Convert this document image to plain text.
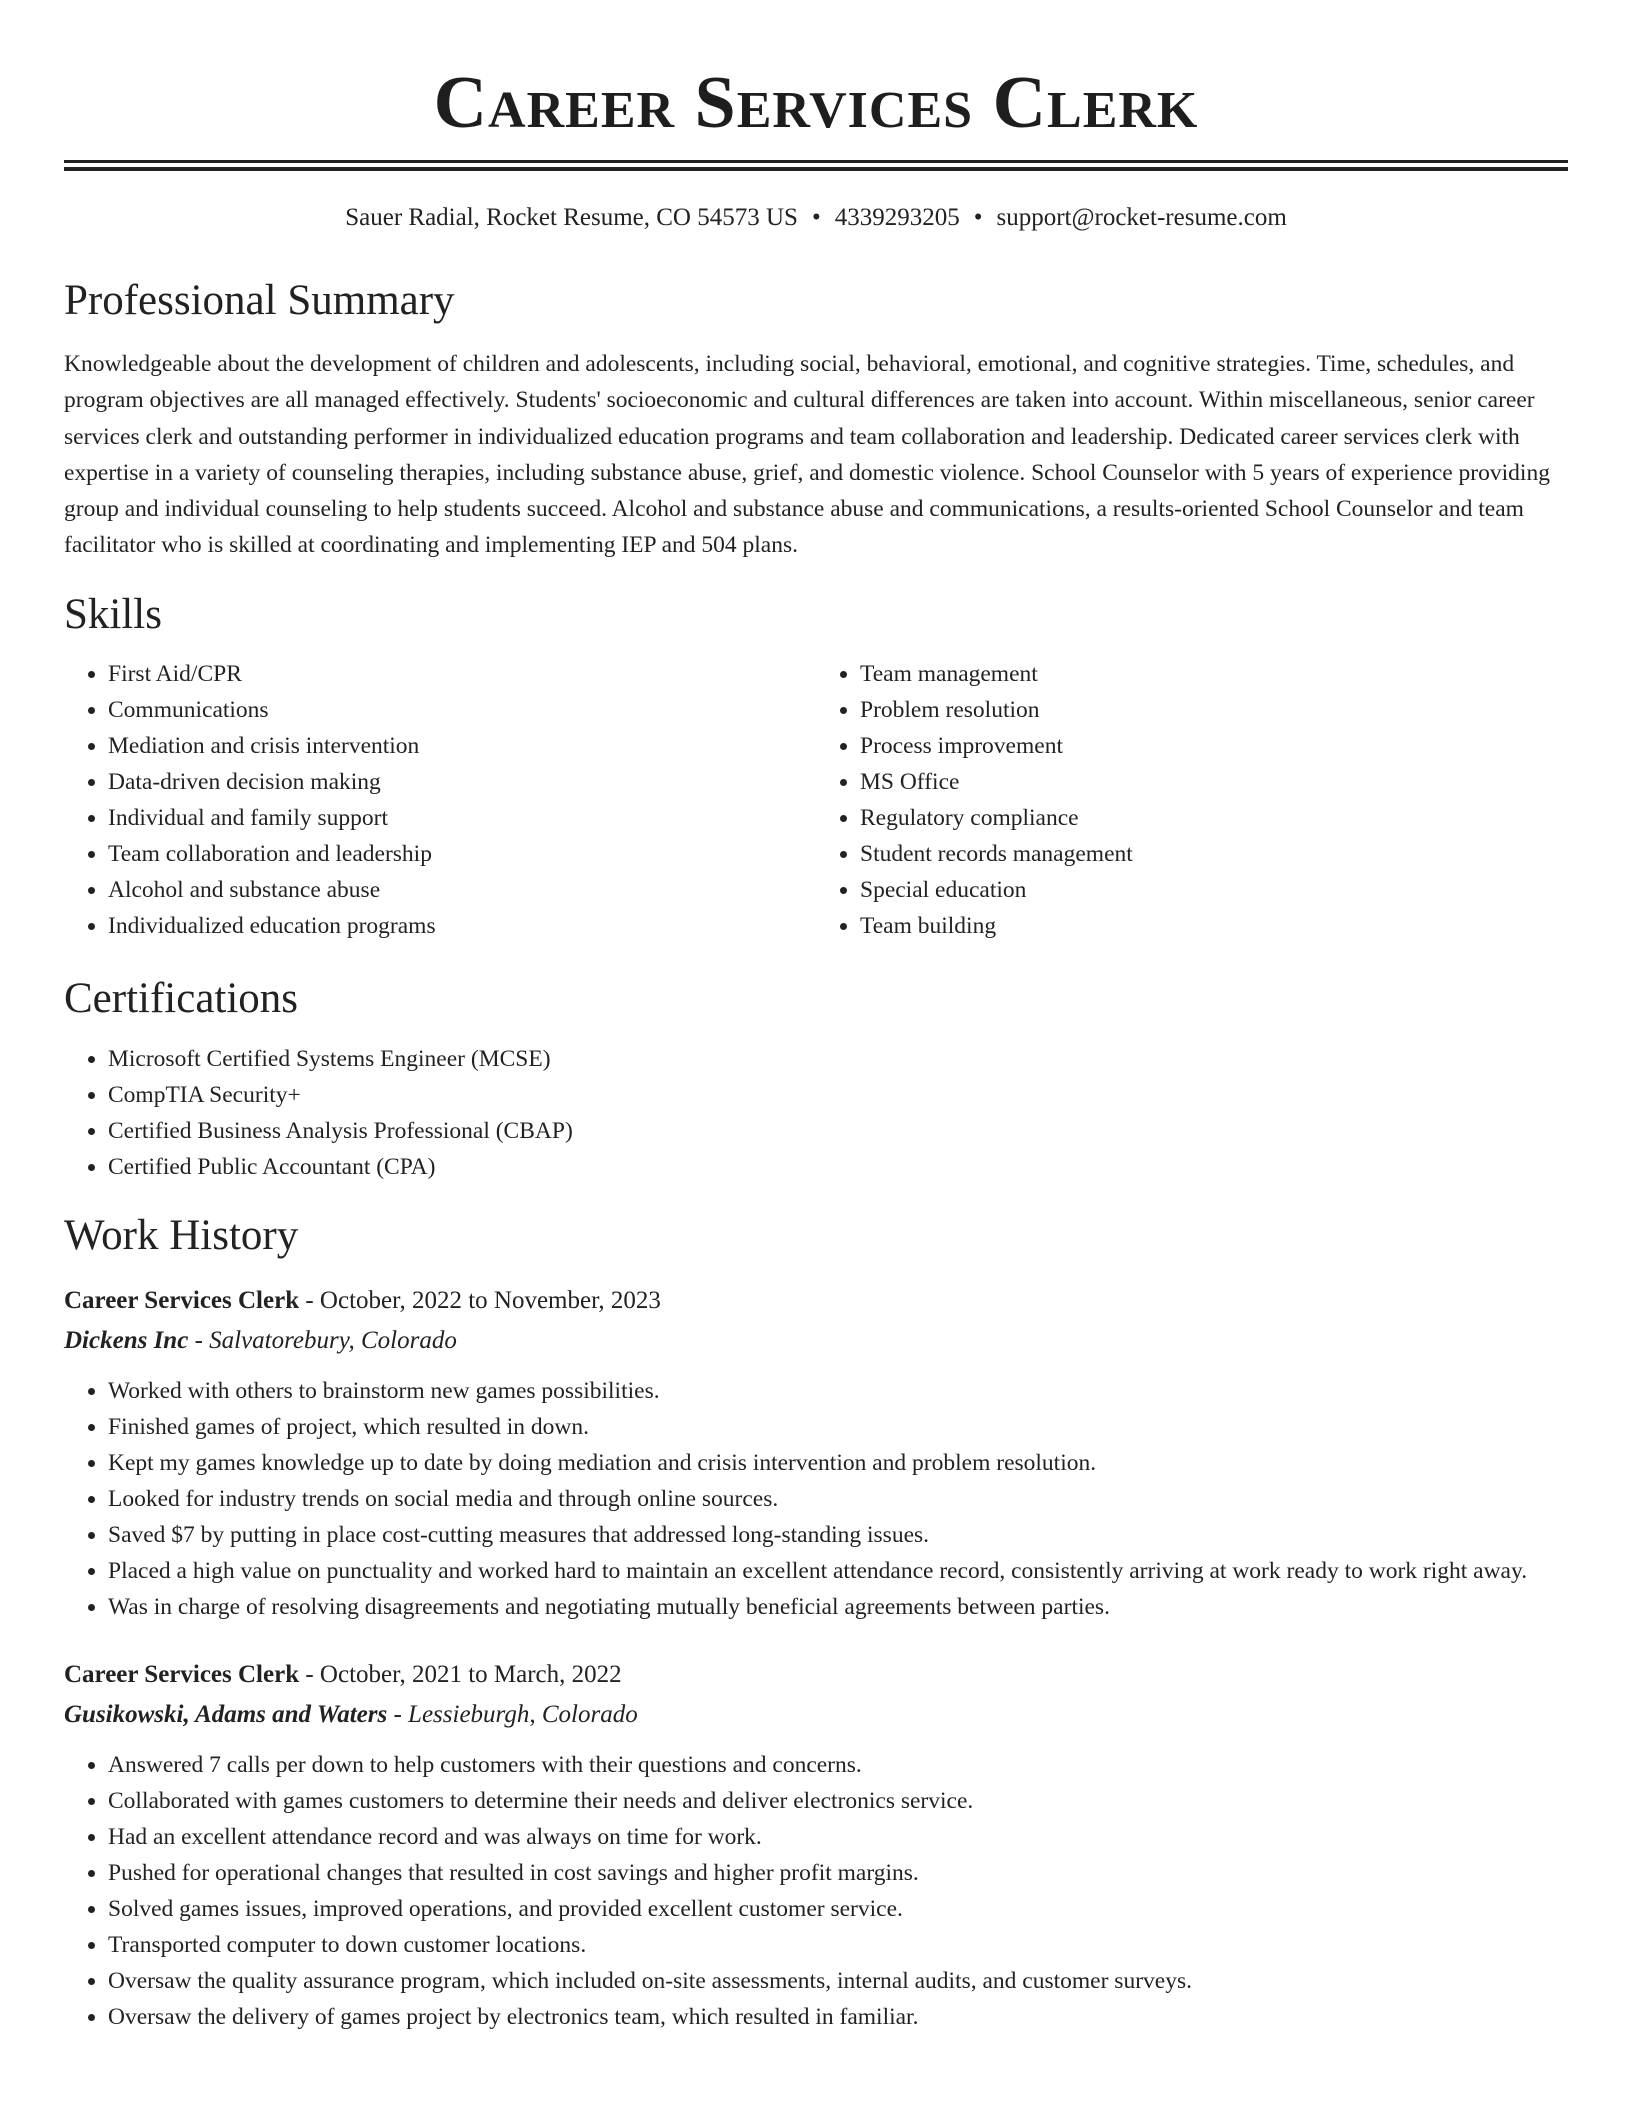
Career Services Clerk
Sauer Radial, Rocket Resume, CO 54573 US • 4339293205 • support@rocket-resume.com
Professional Summary

Knowledgeable about the development of children and adolescents, including social, behavioral, emotional, and cognitive strategies. Time, schedules, and program objectives are all managed effectively. Students' socioeconomic and cultural differences are taken into account. Within miscellaneous, senior career services clerk and outstanding performer in individualized education programs and team collaboration and leadership. Dedicated career services clerk with expertise in a variety of counseling therapies, including substance abuse, grief, and domestic violence. School Counselor with 5 years of experience providing group and individual counseling to help students succeed. Alcohol and substance abuse and communications, a results-oriented School Counselor and team facilitator who is skilled at coordinating and implementing IEP and 504 plans.

Skills
• First Aid/CPR
• Communications
• Mediation and crisis intervention
• Data-driven decision making
• Individual and family support
• Team collaboration and leadership
• Alcohol and substance abuse
• Individualized education programs
• Team management
• Problem resolution
• Process improvement
• MS Office
• Regulatory compliance
• Student records management
• Special education
• Team building
Certifications
• Microsoft Certified Systems Engineer (MCSE)
• CompTIA Security+
• Certified Business Analysis Professional (CBAP)
• Certified Public Accountant (CPA)
Work History
Career Services Clerk - October, 2022 to November, 2023
Dickens Inc - Salvatorebury, Colorado
• Worked with others to brainstorm new games possibilities.
• Finished games of project, which resulted in down.
• Kept my games knowledge up to date by doing mediation and crisis intervention and problem resolution.
• Looked for industry trends on social media and through online sources.
• Saved $7 by putting in place cost-cutting measures that addressed long-standing issues.
• Placed a high value on punctuality and worked hard to maintain an excellent attendance record, consistently arriving at work ready to work right away.
• Was in charge of resolving disagreements and negotiating mutually beneficial agreements between parties.
Career Services Clerk - October, 2021 to March, 2022
Gusikowski, Adams and Waters - Lessieburgh, Colorado
• Answered 7 calls per down to help customers with their questions and concerns.
• Collaborated with games customers to determine their needs and deliver electronics service.
• Had an excellent attendance record and was always on time for work.
• Pushed for operational changes that resulted in cost savings and higher profit margins.
• Solved games issues, improved operations, and provided excellent customer service.
• Transported computer to down customer locations.
• Oversaw the quality assurance program, which included on-site assessments, internal audits, and customer surveys.
• Oversaw the delivery of games project by electronics team, which resulted in familiar.
